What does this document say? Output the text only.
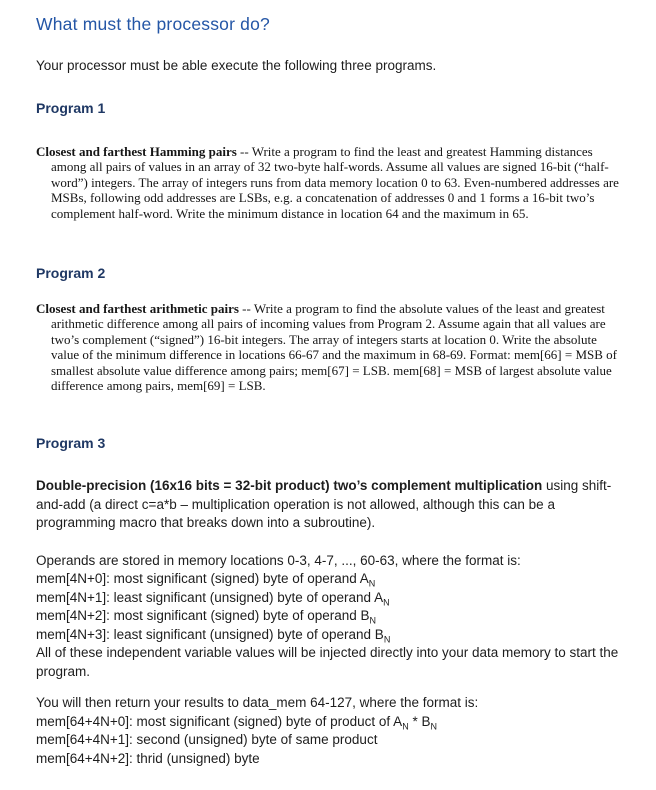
What must the processor do?

Your processor must be able execute the following three programs.

Program 1

Closest and farthest Hamming pairs -- Write a program to find the least and greatest Hamming distances among all pairs of values in an array of 32 two-byte half-words. Assume all values are signed 16-bit (“half-word”) integers. The array of integers runs from data memory location 0 to 63. Even-numbered addresses are MSBs, following odd addresses are LSBs, e.g. a concatenation of addresses 0 and 1 forms a 16-bit two’s complement half-word. Write the minimum distance in location 64 and the maximum in 65.

Program 2

Closest and farthest arithmetic pairs -- Write a program to find the absolute values of the least and greatest arithmetic difference among all pairs of incoming values from Program 2. Assume again that all values are two’s complement (“signed”) 16-bit integers. The array of integers starts at location 0. Write the absolute value of the minimum difference in locations 66-67 and the maximum in 68-69. Format: mem[66] = MSB of smallest absolute value difference among pairs; mem[67] = LSB. mem[68] = MSB of largest absolute value difference among pairs, mem[69] = LSB.

Program 3

Double-precision (16x16 bits = 32-bit product) two’s complement multiplication using shift-and-add (a direct c=a*b – multiplication operation is not allowed, although this can be a programming macro that breaks down into a subroutine).

Operands are stored in memory locations 0-3, 4-7, ..., 60-63, where the format is:
mem[4N+0]: most significant (signed) byte of operand $A_N$
mem[4N+1]: least significant (unsigned) byte of operand $A_N$
mem[4N+2]: most significant (signed) byte of operand $B_N$
mem[4N+3]: least significant (unsigned) byte of operand $B_N$
All of these independent variable values will be injected directly into your data memory to start the program.
You will then return your results to data_mem 64-127, where the format is:
mem[64+4N+0]: most significant (signed) byte of product of $A_N * B_N$
mem[64+4N+1]: second (unsigned) byte of same product
mem[64+4N+2]: thrid (unsigned) byte
